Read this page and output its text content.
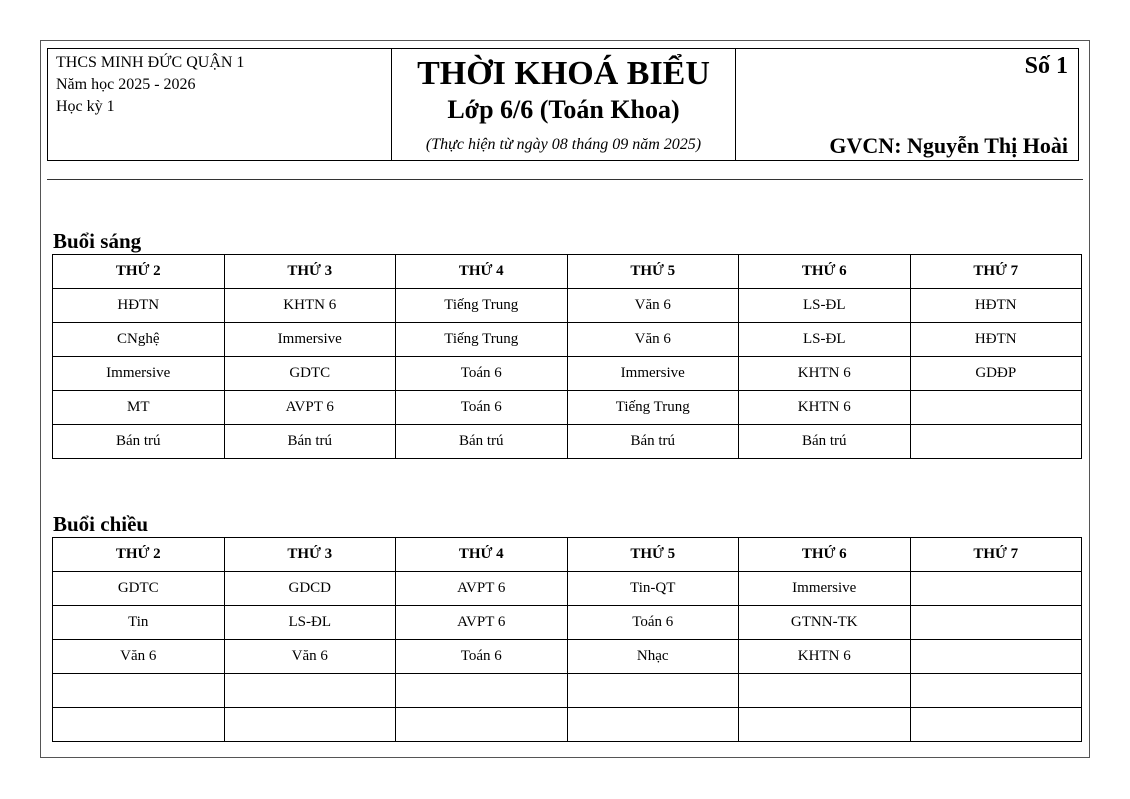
THCS MINH ĐỨC QUẬN 1
Năm học 2025 - 2026
Học kỳ 1
THỜI KHOÁ BIỂU
Lớp 6/6 (Toán Khoa)
(Thực hiện từ ngày 08 tháng 09 năm 2025)
Số 1
GVCN: Nguyễn Thị Hoài
Buổi sáng
THỨ 2	THỨ 3	THỨ 4	THỨ 5	THỨ 6	THỨ 7
HĐTN	KHTN 6	Tiếng Trung	Văn 6	LS-ĐL	HĐTN
CNghệ	Immersive	Tiếng Trung	Văn 6	LS-ĐL	HĐTN
Immersive	GDTC	Toán 6	Immersive	KHTN 6	GDĐP
MT	AVPT 6	Toán 6	Tiếng Trung	KHTN 6	
Bán trú	Bán trú	Bán trú	Bán trú	Bán trú	
Buổi chiều
THỨ 2	THỨ 3	THỨ 4	THỨ 5	THỨ 6	THỨ 7
GDTC	GDCD	AVPT 6	Tin-QT	Immersive	
Tin	LS-ĐL	AVPT 6	Toán 6	GTNN-TK	
Văn 6	Văn 6	Toán 6	Nhạc	KHTN 6	
